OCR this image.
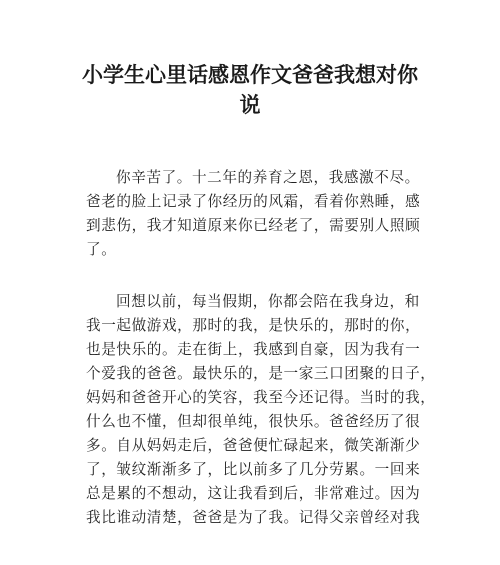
小学生心里话感恩作文爸爸我想对你
说

你辛苦了。十二年的养育之恩，我感激不尽。
爸老的脸上记录了你经历的风霜，看着你熟睡，感
到悲伤，我才知道原来你已经老了，需要别人照顾
了。

回想以前，每当假期，你都会陪在我身边，和
我一起做游戏，那时的我，是快乐的，那时的你，
也是快乐的。走在街上，我感到自豪，因为我有一
个爱我的爸爸。最快乐的，是一家三口团聚的日子，
妈妈和爸爸开心的笑容，我至今还记得。当时的我，
什么也不懂，但却很单纯，很快乐。爸爸经历了很
多。自从妈妈走后，爸爸便忙碌起来，微笑渐渐少
了，皱纹渐渐多了，比以前多了几分劳累。一回来
总是累的不想动，这让我看到后，非常难过。因为
我比谁动清楚，爸爸是为了我。记得父亲曾经对我
